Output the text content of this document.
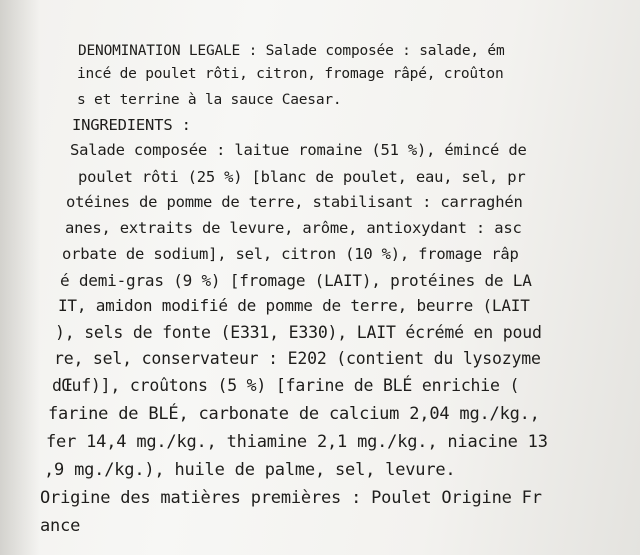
DENOMINATION LEGALE : Salade composée : salade, ém
incé de poulet rôti, citron, fromage râpé, croûton
s et terrine à la sauce Caesar.
INGREDIENTS :
Salade composée : laitue romaine (51 %), émincé de
poulet rôti (25 %) [blanc de poulet, eau, sel, pr
otéines de pomme de terre, stabilisant : carraghén
anes, extraits de levure, arôme, antioxydant : asc
orbate de sodium], sel, citron (10 %), fromage râp
é demi-gras (9 %) [fromage (LAIT), protéines de LA
IT, amidon modifié de pomme de terre, beurre (LAIT
), sels de fonte (E331, E330), LAIT écrémé en poud
re, sel, conservateur : E202 (contient du lysozyme
dŒuf)], croûtons (5 %) [farine de BLÉ enrichie (
farine de BLÉ, carbonate de calcium 2,04 mg./kg.,
fer 14,4 mg./kg., thiamine 2,1 mg./kg., niacine 13
,9 mg./kg.), huile de palme, sel, levure.
Origine des matières premières : Poulet Origine Fr
ance
